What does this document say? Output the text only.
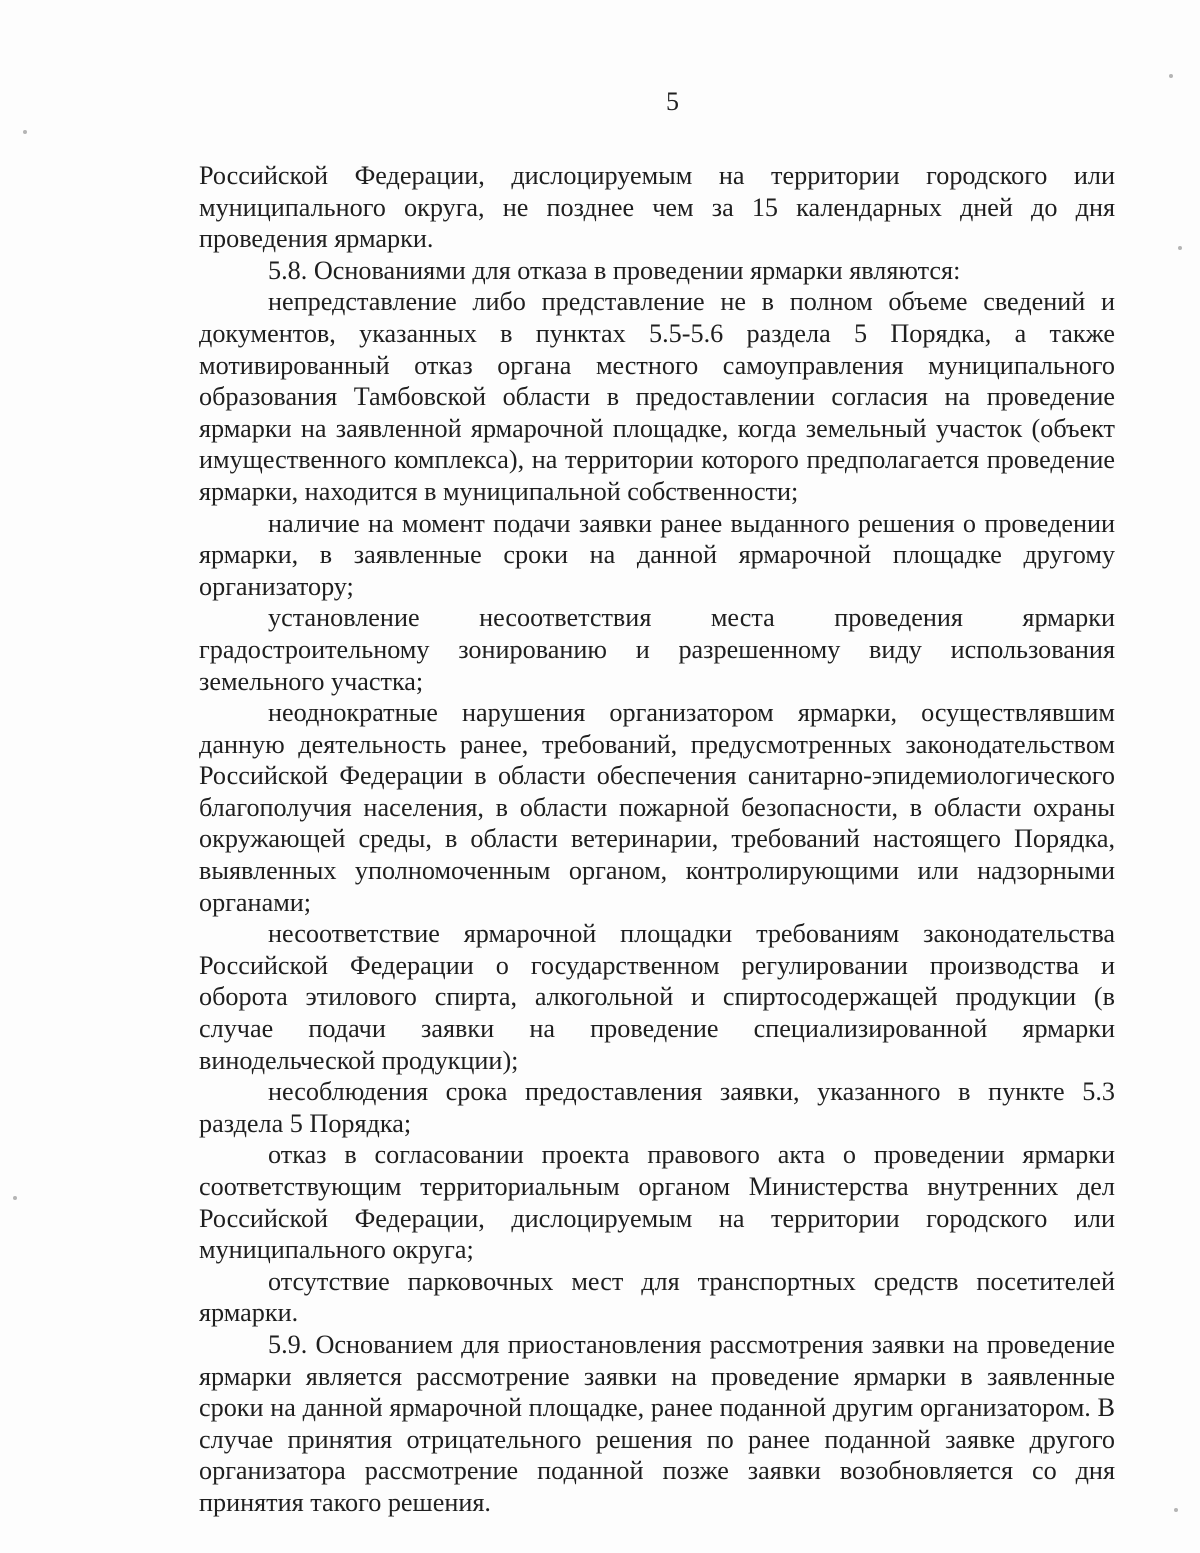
5

Российской Федерации, дислоцируемым на территории городского или муниципального округа, не позднее чем за 15 календарных дней до дня проведения ярмарки.

5.8. Основаниями для отказа в проведении ярмарки являются:

непредставление либо представление не в полном объеме сведений и документов, указанных в пунктах 5.5-5.6 раздела 5 Порядка, а также мотивированный отказ органа местного самоуправления муниципального образования Тамбовской области в предоставлении согласия на проведение ярмарки на заявленной ярмарочной площадке, когда земельный участок (объект имущественного комплекса), на территории которого предполагается проведение ярмарки, находится в муниципальной собственности;

наличие на момент подачи заявки ранее выданного решения о проведении ярмарки, в заявленные сроки на данной ярмарочной площадке другому организатору;

установление несоответствия места проведения ярмарки градостроительному зонированию и разрешенному виду использования земельного участка;

неоднократные нарушения организатором ярмарки, осуществлявшим данную деятельность ранее, требований, предусмотренных законодательством Российской Федерации в области обеспечения санитарно-эпидемиологического благополучия населения, в области пожарной безопасности, в области охраны окружающей среды, в области ветеринарии, требований настоящего Порядка, выявленных уполномоченным органом, контролирующими или надзорными органами;

несоответствие ярмарочной площадки требованиям законодательства Российской Федерации о государственном регулировании производства и оборота этилового спирта, алкогольной и спиртосодержащей продукции (в случае подачи заявки на проведение специализированной ярмарки винодельческой продукции);

несоблюдения срока предоставления заявки, указанного в пункте 5.3 раздела 5 Порядка;

отказ в согласовании проекта правового акта о проведении ярмарки соответствующим территориальным органом Министерства внутренних дел Российской Федерации, дислоцируемым на территории городского или муниципального округа;

отсутствие парковочных мест для транспортных средств посетителей ярмарки.

5.9. Основанием для приостановления рассмотрения заявки на проведение ярмарки является рассмотрение заявки на проведение ярмарки в заявленные сроки на данной ярмарочной площадке, ранее поданной другим организатором. В случае принятия отрицательного решения по ранее поданной заявке другого организатора рассмотрение поданной позже заявки возобновляется со дня принятия такого решения.
